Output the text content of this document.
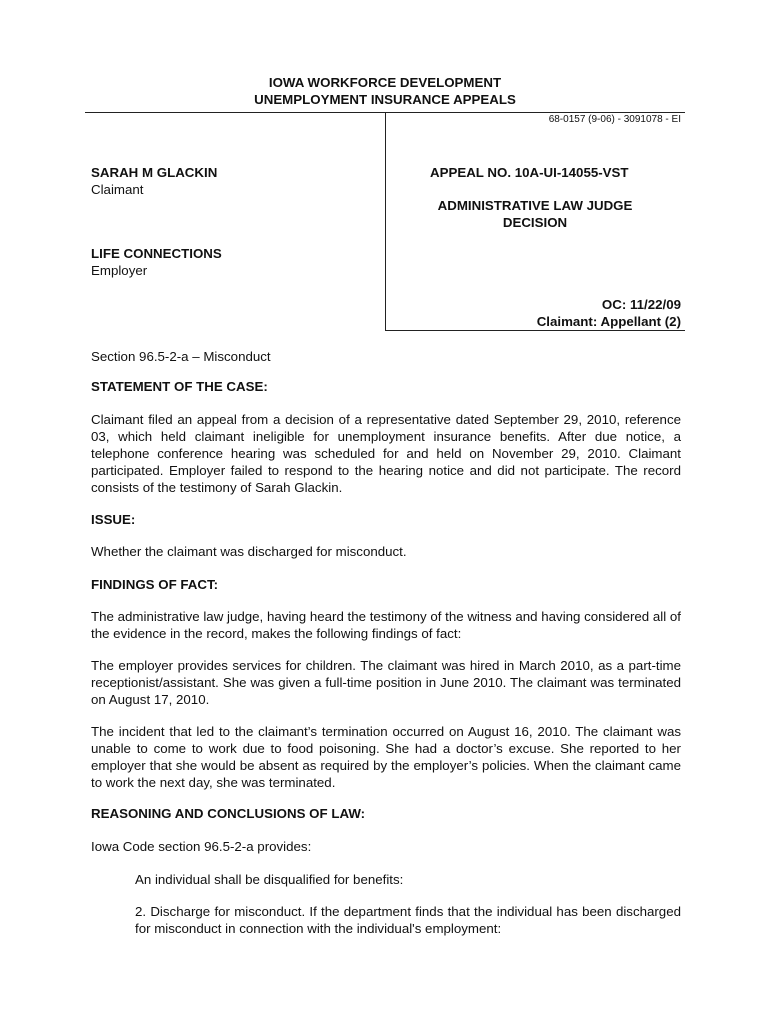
IOWA WORKFORCE DEVELOPMENT
UNEMPLOYMENT INSURANCE APPEALS
68-0157 (9-06) - 3091078 - EI
SARAH M GLACKIN
Claimant
LIFE CONNECTIONS
Employer
APPEAL NO. 10A-UI-14055-VST
ADMINISTRATIVE LAW JUDGE
DECISION
OC: 11/22/09
Claimant: Appellant (2)
Section 96.5-2-a – Misconduct
STATEMENT OF THE CASE:
Claimant filed an appeal from a decision of a representative dated September 29, 2010, reference 03, which held claimant ineligible for unemployment insurance benefits. After due notice, a telephone conference hearing was scheduled for and held on November 29, 2010. Claimant participated. Employer failed to respond to the hearing notice and did not participate. The record consists of the testimony of Sarah Glackin.
ISSUE:
Whether the claimant was discharged for misconduct.
FINDINGS OF FACT:
The administrative law judge, having heard the testimony of the witness and having considered all of the evidence in the record, makes the following findings of fact:
The employer provides services for children. The claimant was hired in March 2010, as a part-time receptionist/assistant. She was given a full-time position in June 2010. The claimant was terminated on August 17, 2010.
The incident that led to the claimant’s termination occurred on August 16, 2010. The claimant was unable to come to work due to food poisoning. She had a doctor’s excuse. She reported to her employer that she would be absent as required by the employer’s policies. When the claimant came to work the next day, she was terminated.
REASONING AND CONCLUSIONS OF LAW:
Iowa Code section 96.5-2-a provides:
An individual shall be disqualified for benefits:
2. Discharge for misconduct. If the department finds that the individual has been discharged for misconduct in connection with the individual's employment:
